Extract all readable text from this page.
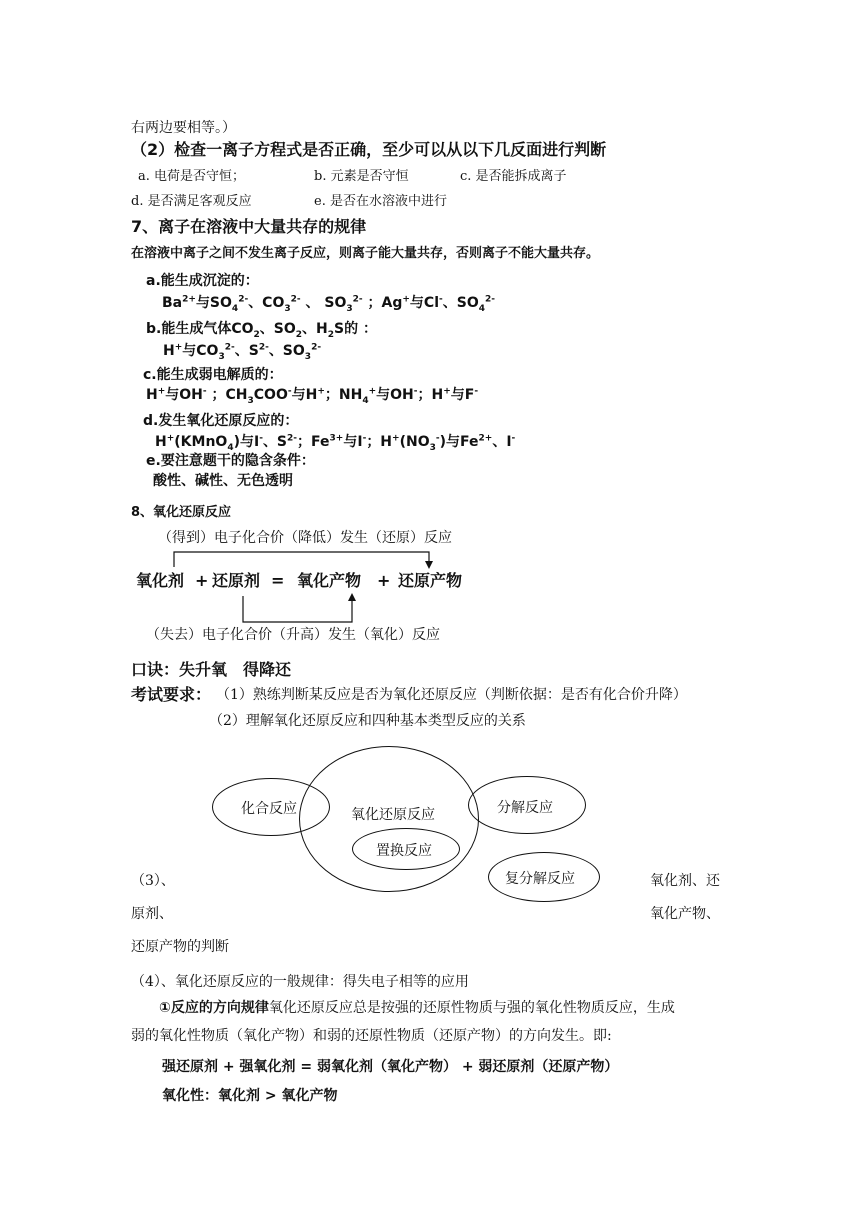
右两边要相等。）
（2）检查一离子方程式是否正确，至少可以从以下几反面进行判断
a. 电荷是否守恒；	b. 元素是否守恒	c. 是否能拆成离子
d. 是否满足客观反应	e. 是否在水溶液中进行
7、离子在溶液中大量共存的规律
在溶液中离子之间不发生离子反应，则离子能大量共存，否则离子不能大量共存。
a.能生成沉淀的：
$Ba^{2+}$与$SO_4^{2-}$、$CO_3^{2-}$ 、 $SO_3^{2-}$ ；Ag+与Cl-、$SO_4^{2-}$
b.能生成气体$CO_2$、$SO_2$、$H_2S$的 ：
H+与$CO_3^{2-}$、$S^{2-}$、$SO_3^{2-}$
c.能生成弱电解质的：
H+与OH- ；$CH_3COO^-$与H+；$NH_4^+$与OH-；H+与F-
d.发生氧化还原反应的：
H+(KMnO$_4$)与I-、$S^{2-}$；$Fe^{3+}$与I-；$H^+(NO_3^-)$与$Fe^{2+}$、I-
e.要注意题干的隐含条件：
酸性、碱性、无色透明
8、氧化还原反应
（得到）电子化合价（降低）发生（还原）反应
氧化剂 + 还原剂 = 氧化产物 + 还原产物
（失去）电子化合价（升高）发生（氧化）反应
口诀：失升氧　得降还
考试要求： （1）熟练判断某反应是否为氧化还原反应（判断依据：是否有化合价升降）
（2）理解氧化还原反应和四种基本类型反应的关系
化合反应	氧化还原反应	分解反应
置换反应
复分解反应
（3）、	氧化剂、还
原剂、	氧化产物、
还原产物的判断
（4）、氧化还原反应的一般规律：得失电子相等的应用
①反应的方向规律氧化还原反应总是按强的还原性物质与强的氧化性物质反应，生成
弱的氧化性物质（氧化产物）和弱的还原性物质（还原产物）的方向发生。即:
强还原剂 + 强氧化剂 = 弱氧化剂（氧化产物） + 弱还原剂（还原产物）
氧化性：氧化剂 > 氧化产物
